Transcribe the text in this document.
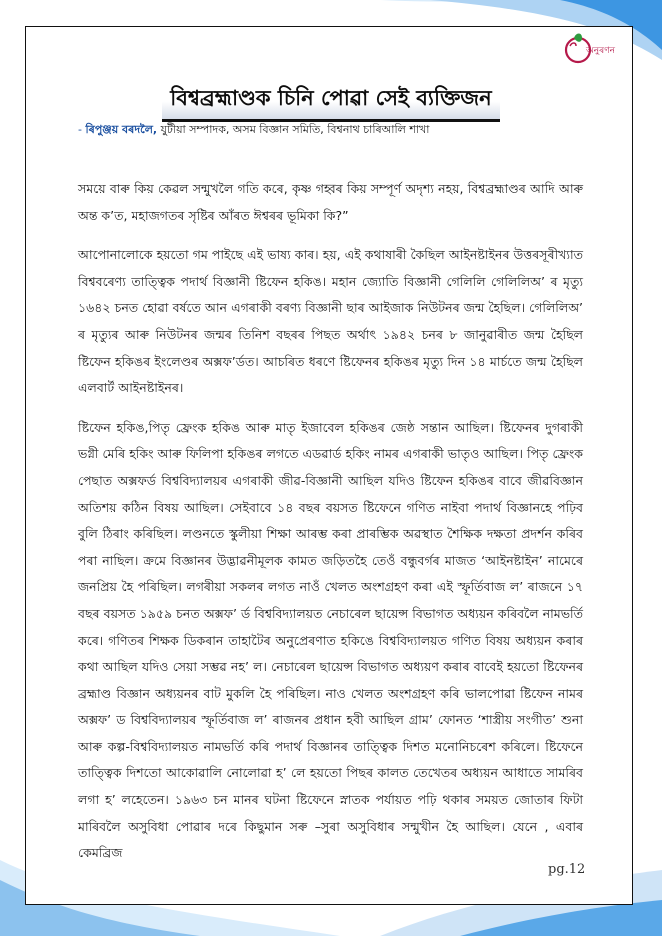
অনুৰণন
বিশ্বব্ৰহ্মাণ্ডক চিনি পোৱা সেই ব্যক্তিজন
- ৰিপুঞ্জয় বৰদলৈ, যুটীয়া সম্পাদক, অসম বিজ্ঞান সমিতি, বিশ্বনাথ চাৰিআলি শাখা

সময়ে বাৰু কিয় কেৱল সন্মুখলৈ গতি কৰে, কৃষ্ণ গহ্বৰ কিয় সম্পূৰ্ণ অদৃশ্য নহয়, বিশ্বব্ৰহ্মাণ্ডৰ আদি আৰু অন্ত ক’ত, মহাজগতৰ সৃষ্টিৰ আঁৰত ঈশ্বৰৰ ভূমিকা কি?”

আপোনালোকে হয়তো গম পাইছে এই ভাষ্য কাৰ। হয়, এই কথাষাৰী কৈছিল আইনষ্টাইনৰ উত্তৰসূৰীখ্যাত বিশ্ববৰেণ্য তাত্ত্বিক পদাৰ্থ বিজ্ঞানী ষ্টিফেন হকিঙ। মহান জ্যোতি বিজ্ঞানী গেলিলি গেলিলিঅ’ ৰ মৃত্যু ১৬৪২ চনত হোৱা বৰ্ষতে আন এগৰাকী বৰণ্য বিজ্ঞানী ছাৰ আইজাক নিউটনৰ জন্ম হৈছিল। গেলিলিঅ’ ৰ মৃত্যুৰ আৰু নিউটনৰ জন্মৰ তিনিশ বছৰৰ পিছত অৰ্থাৎ ১৯৪২ চনৰ ৮ জানুৱাৰীত জন্ম হৈছিল ষ্টিফেন হকিঙৰ ইংলেণ্ডৰ অক্সফ’ৰ্ডত। আচৰিত ধৰণে ষ্টিফেনৰ হকিঙৰ মৃত্যু দিন ১৪ মাৰ্চতে জন্ম হৈছিল এলবাৰ্ট আইনষ্টাইনৰ।

ষ্টিফেন হকিঙ,পিতৃ ফ্ৰেংক হকিঙ আৰু মাতৃ ইজাবেল হকিঙৰ জেষ্ঠ সন্তান আছিল। ষ্টিফেনৰ দুগৰাকী ভগ্নী মেৰি হকিং আৰু ফিলিপা হকিঙৰ লগতে এডৱাৰ্ড হকিং নামৰ এগৰাকী ভাতৃও আছিল। পিতৃ ফ্ৰেংক পেছাত অক্সফৰ্ড বিশ্ববিদ্যালয়ৰ এগৰাকী জীৱ-বিজ্ঞানী আছিল যদিও ষ্টিফেন হকিঙৰ বাবে জীৱবিজ্ঞান অতিশয় কঠিন বিষয় আছিল। সেইবাবে ১৪ বছৰ বয়সত ষ্টিফেনে গণিত নাইবা পদাৰ্থ বিজ্ঞানহে পঢ়িব বুলি ঠিৰাং কৰিছিল। লণ্ডনতে স্কুলীয়া শিক্ষা আৰম্ভ কৰা প্ৰাৰম্ভিক অৱস্থাত শৈক্ষিক দক্ষতা প্ৰদৰ্শন কৰিব পৰা নাছিল। ক্ৰমে বিজ্ঞানৰ উদ্ভাৱনীমূলক কামত জড়িতহৈ তেওঁ বন্ধুবৰ্গৰ মাজত ‘আইনষ্টাইন’ নামেৰে জনপ্ৰিয় হৈ পৰিছিল। লগৰীয়া সকলৰ লগত নাওঁ খেলত অংশগ্ৰহণ কৰা এই স্ফূৰ্তিবাজ ল’ ৰাজনে ১৭ বছৰ বয়সত ১৯৫৯ চনত অক্সফ’ ৰ্ড বিশ্ববিদ্যালয়ত নেচাৰেল ছায়েন্স বিভাগত অধ্যয়ন কৰিবলৈ নামভৰ্তি কৰে। গণিতৰ শিক্ষক ডিকৰান তাহাটৈৰ অনুপ্ৰেৰণাত হকিঙে বিশ্ববিদ্যালয়ত গণিত বিষয় অধ্যয়ন কৰাৰ কথা আছিল যদিও সেয়া সম্ভৱ নহ’ ল। নেচাৰেল ছায়েন্স বিভাগত অধ্যয়ণ কৰাৰ বাবেই হয়তো ষ্টিফেনৰ ব্ৰহ্মাণ্ড বিজ্ঞান অধ্যয়নৰ বাট মুকলি হৈ পৰিছিল। নাও খেলত অংশগ্ৰহণ কৰি ভালপোৱা ষ্টিফেন নামৰ অক্সফ’ ড বিশ্ববিদ্যালয়ৰ স্ফূৰ্তিবাজ ল’ ৰাজনৰ প্ৰধান হবী আছিল গ্ৰাম’ ফোনত ‘শাস্ত্ৰীয় সংগীত’ শুনা আৰু কল্প-বিশ্ববিদ্যালয়ত নামভৰ্তি কৰি পদাৰ্থ বিজ্ঞানৰ তাত্ত্বিক দিশত মনোনিচৰেশ কৰিলে। ষ্টিফেনে তাত্ত্বিক দিশতো আকোৱালি নোলোৱা হ’ লে হয়তো পিছৰ কালত তেখেতৰ অধ্যয়ন আধাতে সামৰিব লগা হ’ লহেতেন। ১৯৬৩ চন মানৰ ঘটনা ষ্টিফেনে স্নাতক পৰ্যায়ত পঢ়ি থকাৰ সময়ত জোতাৰ ফিটা মাৰিবলৈ অসুবিধা পোৱাৰ দৰে কিছুমান সৰু –সুৰা অসুবিধাৰ সন্মুখীন হৈ আছিল। যেনে , এবাৰ কেমব্ৰিজ

pg.12
